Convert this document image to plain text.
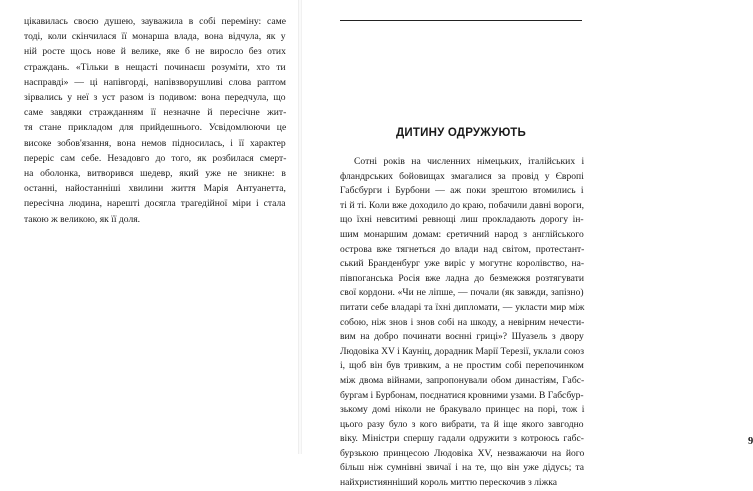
цікавилась своєю душею, зауважила в собі переміну: саме
тоді, коли скінчилася її монарша влада, вона відчула, як у
ній росте щось нове й велике, яке б не виросло без отих
страждань. «Тільки в нещасті починаєш розуміти, хто ти
насправді» — ці напівгорді, напівзворушливі слова раптом
зірвались у неї з уст разом із подивом: вона передчула, що
саме завдяки стражданням її незначне й пересічне жит-
тя стане прикладом для прийдешнього. Усвідомлюючи це
високе зобов'язання, вона немов підносилась, і її характер
переріс сам себе. Незадовго до того, як розбилася смерт-
на оболонка, витворився шедевр, який уже не зникне: в
останні, найостанніші хвилини життя Марія Антуанетта,
пересічна людина, нарешті досягла трагедійної міри і стала
такою ж великою, як її доля.
ДИТИНУ ОДРУЖУЮТЬ
Сотні років на численних німецьких, італійських і
фландрських бойовищах змагалися за провід у Європі
Габсбурги і Бурбони — аж поки зрештою втомились і
ті й ті. Коли вже доходило до краю, побачили давні вороги,
що їхні невситимі ревнощі лиш прокладають дорогу ін-
шим монаршим домам: єретичний народ з англійського
острова вже тягнеться до влади над світом, протестант-
ський Бранденбург уже виріс у могутнє королівство, на-
півпоганська Росія вже ладна до безмежжя розтягувати
свої кордони. «Чи не ліпше, — почали (як завжди, запізно)
питати себе владарі та їхні дипломати, — укласти мир між
собою, ніж знов і знов собі на шкоду, а невірним нечести-
вим на добро починати воєнні гриці»? Шуазель з двору
Людовіка XV і Кауніц, дорадник Марії Терезії, уклали союз
і, щоб він був тривким, а не простим собі перепочинком
між двома війнами, запропонували обом династіям, Габс-
бургам і Бурбонам, поєднатися кровними узами. В Габсбур-
зькому домі ніколи не бракувало принцес на порі, тож і
цього разу було з кого вибрати, та й іще якого завгодно
віку. Міністри спершу гадали одружити з котроюсь габс-
бурзькою принцесою Людовіка XV, незважаючи на його
більш ніж сумнівні звичаї і на те, що він уже дідусь; та
найхристиянніший король миттю перескочив з ліжка
9
